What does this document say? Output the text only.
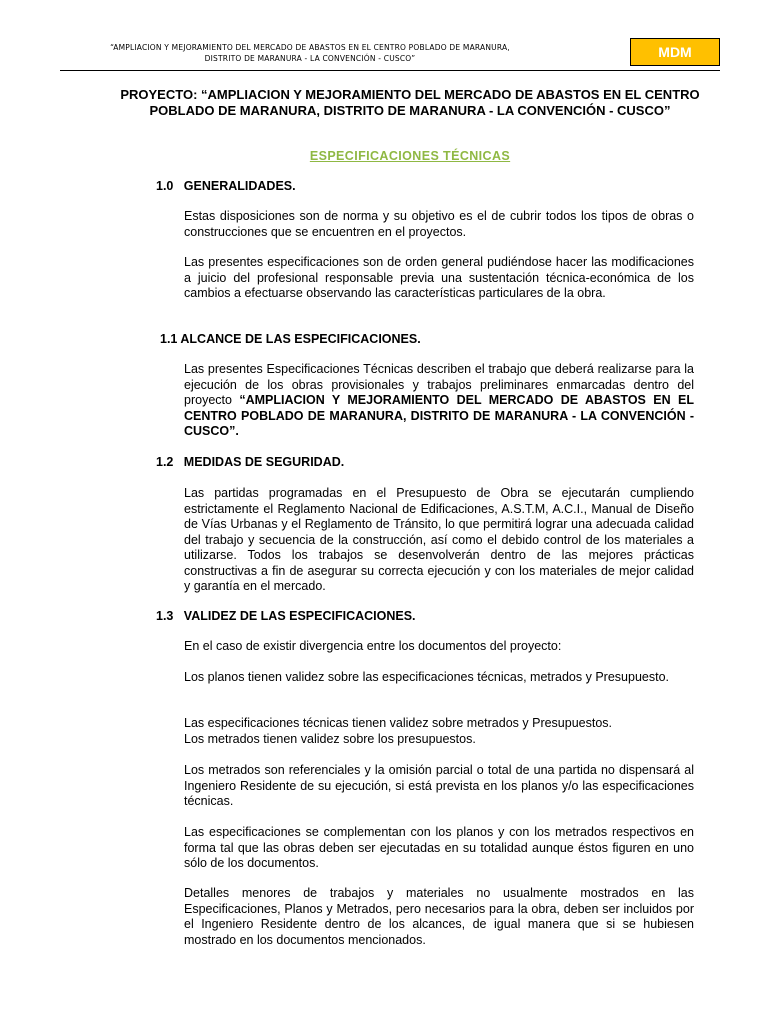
“AMPLIACION Y MEJORAMIENTO DEL MERCADO DE ABASTOS EN EL CENTRO POBLADO DE MARANURA,
DISTRITO DE MARANURA - LA CONVENCIÓN - CUSCO”	MDM
PROYECTO: “AMPLIACION Y MEJORAMIENTO DEL MERCADO DE ABASTOS EN EL CENTRO POBLADO DE MARANURA, DISTRITO DE MARANURA - LA CONVENCIÓN - CUSCO”
ESPECIFICACIONES TÉCNICAS
1.0   GENERALIDADES.
Estas disposiciones son de norma y su objetivo es el de cubrir todos los tipos de obras o construcciones que se encuentren en el proyectos.
Las presentes especificaciones son de orden general pudiéndose hacer las modificaciones a juicio del profesional responsable previa una sustentación técnica-económica de los cambios a efectuarse observando las características particulares de la obra.
1.1 ALCANCE DE LAS ESPECIFICACIONES.
Las presentes Especificaciones Técnicas describen el trabajo que deberá realizarse para la ejecución de los obras provisionales y trabajos preliminares enmarcadas dentro del proyecto “AMPLIACION Y MEJORAMIENTO DEL MERCADO DE ABASTOS EN EL CENTRO POBLADO DE MARANURA, DISTRITO DE MARANURA - LA CONVENCIÓN - CUSCO”.
1.2   MEDIDAS DE SEGURIDAD.
Las partidas programadas en el Presupuesto de Obra se ejecutarán cumpliendo estrictamente el Reglamento Nacional de Edificaciones, A.S.T.M, A.C.I., Manual de Diseño de Vías Urbanas y el Reglamento de Tránsito, lo que permitirá lograr una adecuada calidad del trabajo y secuencia de la construcción, así como el debido control de los materiales a utilizarse. Todos los trabajos se desenvolverán dentro de las mejores prácticas constructivas a fin de asegurar su correcta ejecución y con los materiales de mejor calidad y garantía en el mercado.
1.3   VALIDEZ DE LAS ESPECIFICACIONES.
En el caso de existir divergencia entre los documentos del proyecto:
Los planos tienen validez sobre las especificaciones técnicas, metrados y Presupuesto.
Las especificaciones técnicas tienen validez sobre metrados y Presupuestos.
Los metrados tienen validez sobre los presupuestos.
Los metrados son referenciales y la omisión parcial o total de una partida no dispensará al Ingeniero Residente de su ejecución, si está prevista en los planos y/o las especificaciones técnicas.
Las especificaciones se complementan con los planos y con los metrados respectivos en forma tal que las obras deben ser ejecutadas en su totalidad aunque éstos figuren en uno sólo de los documentos.
Detalles menores de trabajos y materiales no usualmente mostrados en las Especificaciones, Planos y Metrados, pero necesarios para la obra, deben ser incluidos por el Ingeniero Residente dentro de los alcances, de igual manera que si se hubiesen mostrado en los documentos mencionados.
